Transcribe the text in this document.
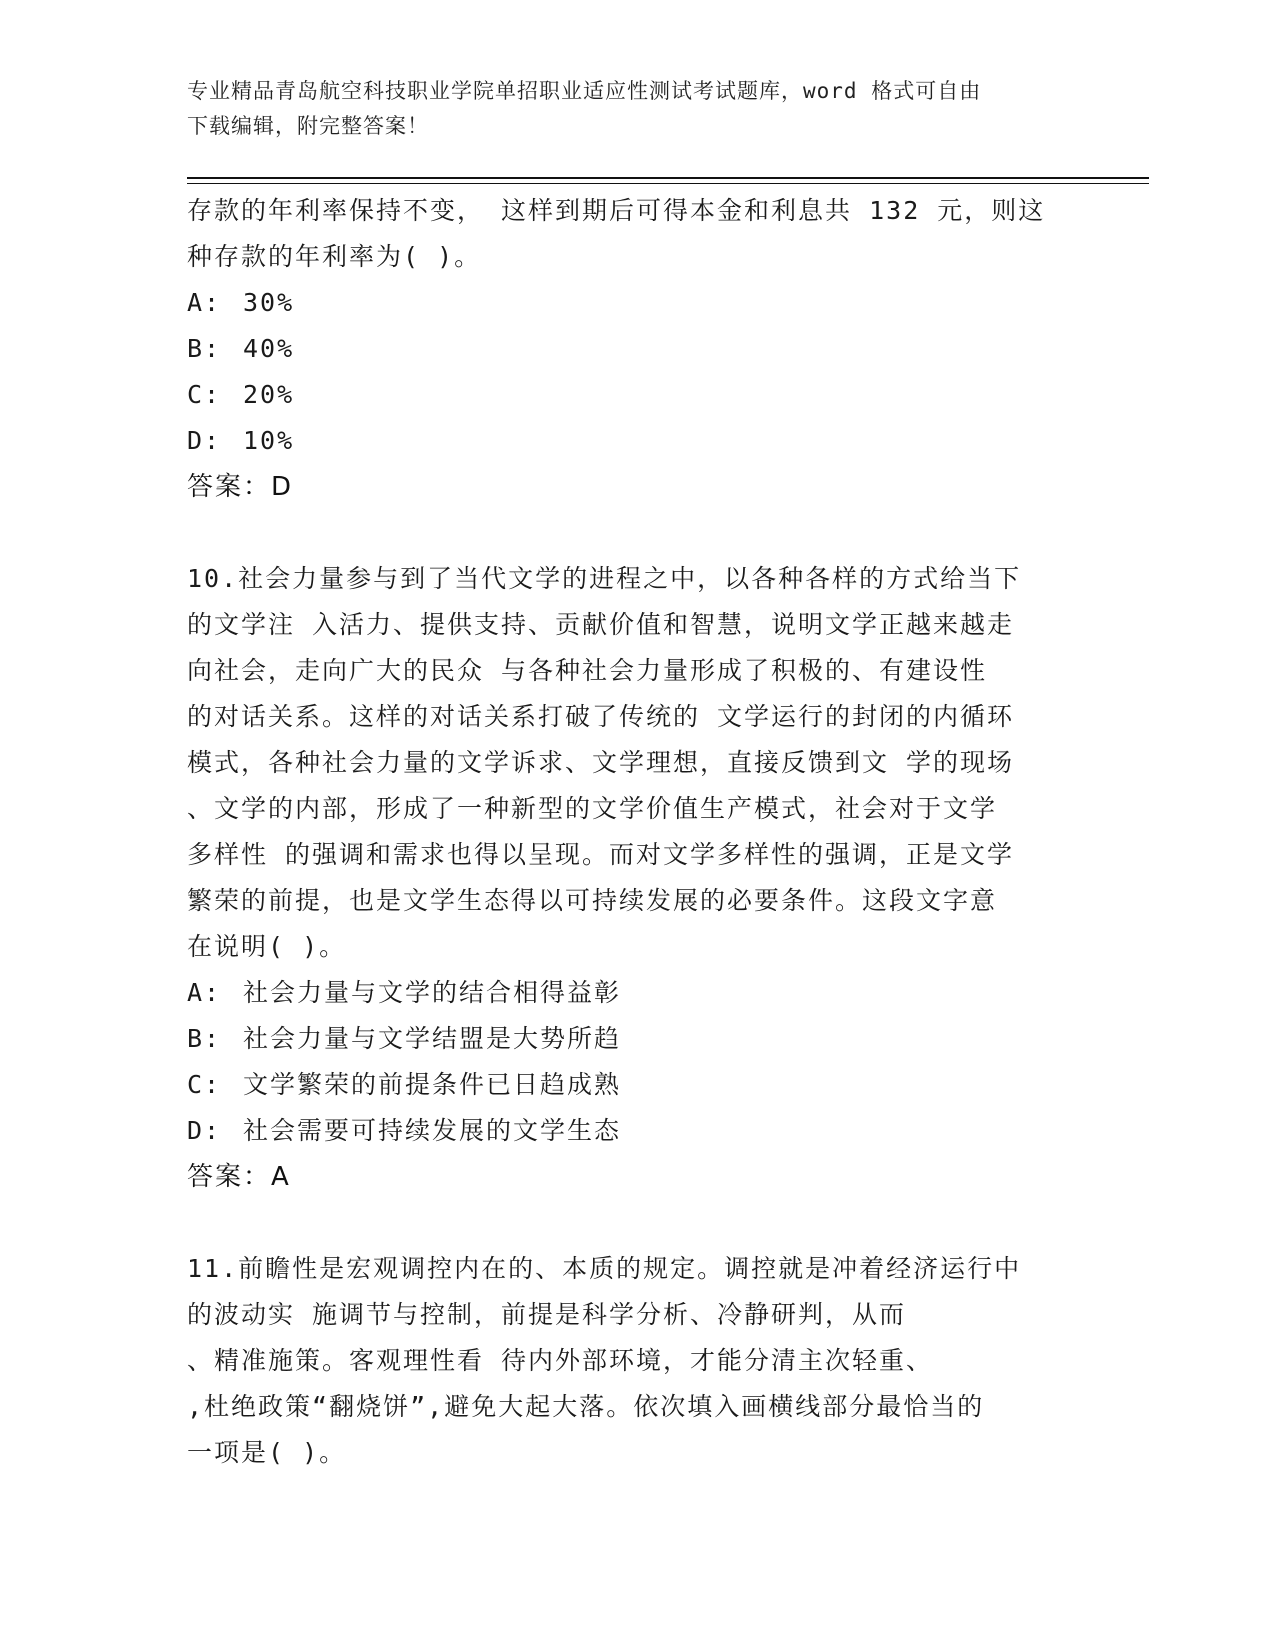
专业精品青岛航空科技职业学院单招职业适应性测试考试题库，word 格式可自由
下载编辑，附完整答案！
存款的年利率保持不变， 这样到期后可得本金和利息共 132 元，则这
种存款的年利率为( )。
A: 30%
B: 40%
C: 20%
D: 10%
答案：D
10.社会力量参与到了当代文学的进程之中，以各种各样的方式给当下
的文学注 入活力、提供支持、贡献价值和智慧，说明文学正越来越走
向社会，走向广大的民众 与各种社会力量形成了积极的、有建设性
的对话关系。这样的对话关系打破了传统的 文学运行的封闭的内循环
模式，各种社会力量的文学诉求、文学理想，直接反馈到文 学的现场
、文学的内部，形成了一种新型的文学价值生产模式，社会对于文学
多样性 的强调和需求也得以呈现。而对文学多样性的强调，正是文学
繁荣的前提，也是文学生态得以可持续发展的必要条件。这段文字意
在说明( )。
A: 社会力量与文学的结合相得益彰
B: 社会力量与文学结盟是大势所趋
C: 文学繁荣的前提条件已日趋成熟
D: 社会需要可持续发展的文学生态
答案：A
11.前瞻性是宏观调控内在的、本质的规定。调控就是冲着经济运行中
的波动实 施调节与控制，前提是科学分析、冷静研判，从而
、精准施策。客观理性看 待内外部环境，才能分清主次轻重、
,杜绝政策“翻烧饼”,避免大起大落。依次填入画横线部分最恰当的
一项是( )。
